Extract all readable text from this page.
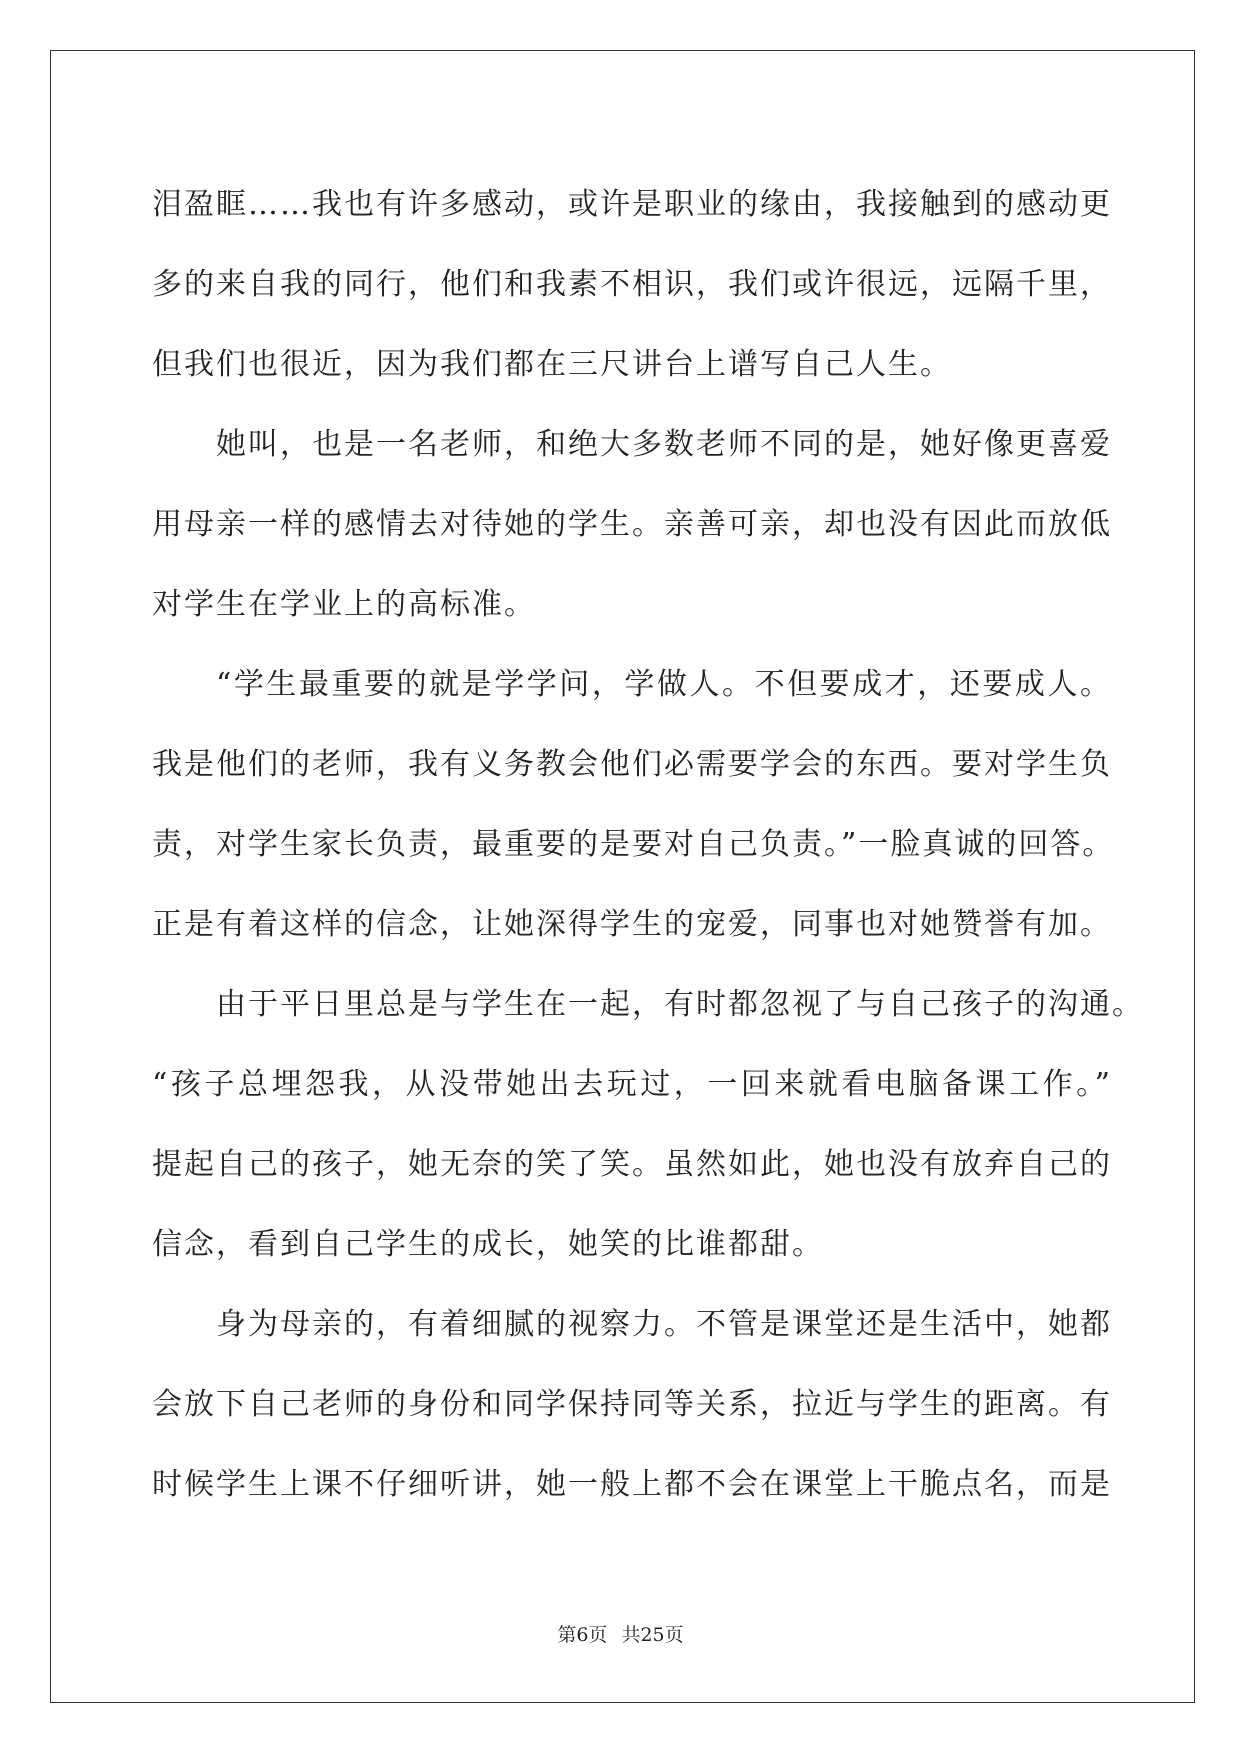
泪盈眶……我也有许多感动，或许是职业的缘由，我接触到的感动更
多的来自我的同行，他们和我素不相识，我们或许很远，远隔千里，
但我们也很近，因为我们都在三尺讲台上谱写自己人生。
她叫，也是一名老师，和绝大多数老师不同的是，她好像更喜爱
用母亲一样的感情去对待她的学生。亲善可亲，却也没有因此而放低
对学生在学业上的高标准。
“学生最重要的就是学学问，学做人。不但要成才，还要成人。
我是他们的老师，我有义务教会他们必需要学会的东西。要对学生负
责，对学生家长负责，最重要的是要对自己负责。”一脸真诚的回答。
正是有着这样的信念，让她深得学生的宠爱，同事也对她赞誉有加。
由于平日里总是与学生在一起，有时都忽视了与自己孩子的沟通。
“孩子总埋怨我，从没带她出去玩过，一回来就看电脑备课工作。”
提起自己的孩子，她无奈的笑了笑。虽然如此，她也没有放弃自己的
信念，看到自己学生的成长，她笑的比谁都甜。
身为母亲的，有着细腻的视察力。不管是课堂还是生活中，她都
会放下自己老师的身份和同学保持同等关系，拉近与学生的距离。有
时候学生上课不仔细听讲，她一般上都不会在课堂上干脆点名，而是
第6页 共25页
